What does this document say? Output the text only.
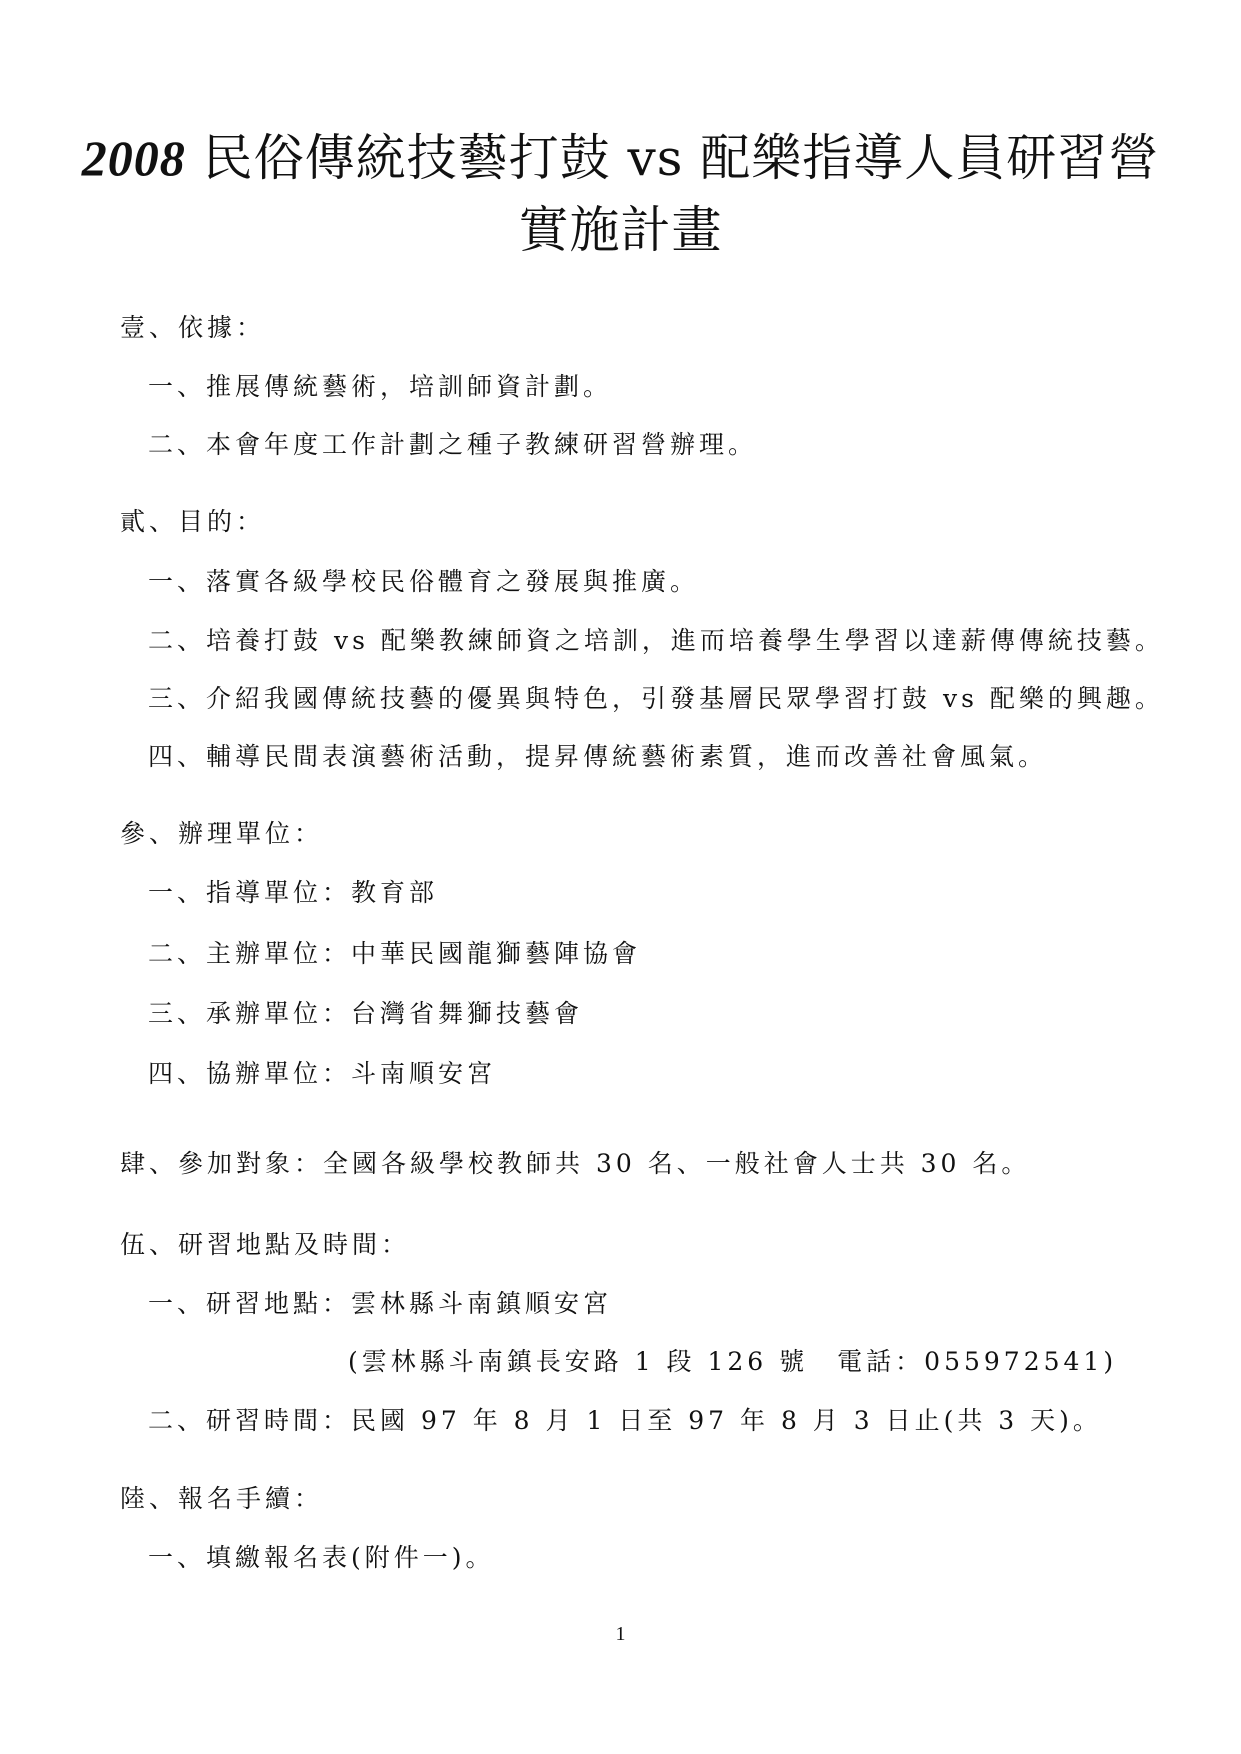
2008 民俗傳統技藝打鼓 vs 配樂指導人員研習營
實施計畫
壹、依據：
一、推展傳統藝術，培訓師資計劃。
二、本會年度工作計劃之種子教練研習營辦理。
貳、目的：
一、落實各級學校民俗體育之發展與推廣。
二、培養打鼓 vs 配樂教練師資之培訓，進而培養學生學習以達薪傳傳統技藝。
三、介紹我國傳統技藝的優異與特色，引發基層民眾學習打鼓 vs 配樂的興趣。
四、輔導民間表演藝術活動，提昇傳統藝術素質，進而改善社會風氣。
參、辦理單位：
一、指導單位：教育部
二、主辦單位：中華民國龍獅藝陣協會
三、承辦單位：台灣省舞獅技藝會
四、協辦單位：斗南順安宮
肆、參加對象：全國各級學校教師共 30 名、一般社會人士共 30 名。
伍、研習地點及時間：
一、研習地點：雲林縣斗南鎮順安宮
(雲林縣斗南鎮長安路 1 段 126 號　電話：055972541)
二、研習時間：民國 97 年 8 月 1 日至 97 年 8 月 3 日止(共 3 天)。
陸、報名手續：
一、填繳報名表(附件一)。
1
